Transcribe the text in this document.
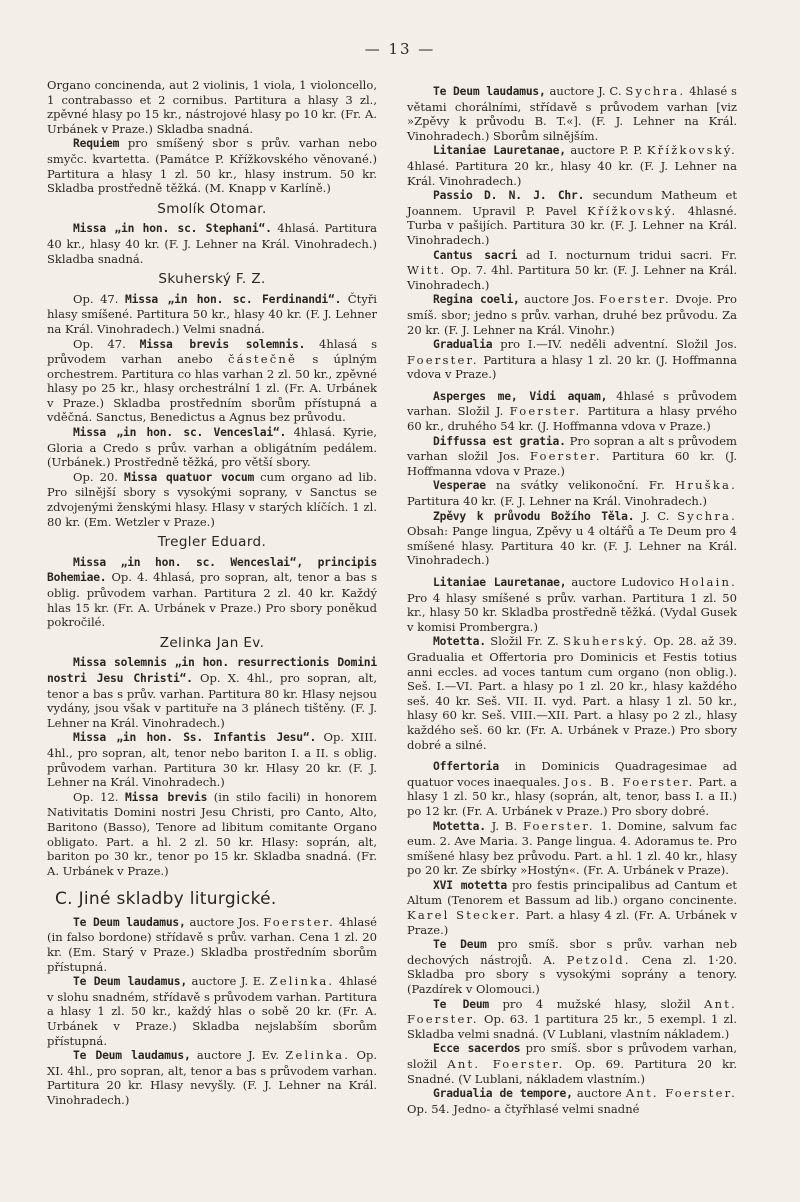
— 13 —

Organo concinenda, aut 2 violinis, 1 viola, 1 violoncello, 1 contrabasso et 2 cornibus. Partitura a hlasy 3 zl., zpěvné hlasy po 15 kr., nástrojové hlasy po 10 kr. (Fr. A. Urbánek v Praze.) Skladba snadná.

Requiem pro smíšený sbor s prův. varhan nebo smyčc. kvartetta. (Památce P. Křížkovského věnované.) Partitura a hlasy 1 zl. 50 kr., hlasy instrum. 50 kr. Skladba prostředně těžká. (M. Knapp v Karlíně.)

Smolík Otomar.

Missa „in hon. sc. Stephani“. 4hlasá. Partitura 40 kr., hlasy 40 kr. (F. J. Lehner na Král. Vinohradech.) Skladba snadná.

Skuherský F. Z.

Op. 47. Missa „in hon. sc. Ferdinandi“. Čtyři hlasy smíšené. Partitura 50 kr., hlasy 40 kr. (F. J. Lehner na Král. Vinohradech.) Velmi snadná.

Op. 47. Missa brevis solemnis. 4hlasá s průvodem varhan anebo částečně s úplným orchestrem. Partitura co hlas varhan 2 zl. 50 kr., zpěvné hlasy po 25 kr., hlasy orchestrální 1 zl. (Fr. A. Urbánek v Praze.) Skladba prostředním sborům přístupná a vděčná. Sanctus, Benedictus a Agnus bez průvodu.

Missa „in hon. sc. Venceslai“. 4hlasá. Kyrie, Gloria a Credo s prův. varhan a obligátním pedálem. (Urbánek.) Prostředně těžká, pro větší sbory.

Op. 20. Missa quatuor vocum cum organo ad lib. Pro silnější sbory s vysokými soprany, v Sanctus se zdvojenými ženskými hlasy. Hlasy v starých klíčích. 1 zl. 80 kr. (Em. Wetzler v Praze.)

Tregler Eduard.

Missa „in hon. sc. Wenceslai“, principis Bohemiae. Op. 4. 4hlasá, pro sopran, alt, tenor a bas s oblig. průvodem varhan. Partitura 2 zl. 40 kr. Každý hlas 15 kr. (Fr. A. Urbánek v Praze.) Pro sbory poněkud pokročilé.

Zelinka Jan Ev.

Missa solemnis „in hon. resurrectionis Domini nostri Jesu Christi“. Op. X. 4hl., pro sopran, alt, tenor a bas s prův. varhan. Partitura 80 kr. Hlasy nejsou vydány, jsou však v partituře na 3 plánech tištěny. (F. J. Lehner na Král. Vinohradech.)

Missa „in hon. Ss. Infantis Jesu“. Op. XIII. 4hl., pro sopran, alt, tenor nebo bariton I. a II. s oblig. průvodem varhan. Partitura 30 kr. Hlasy 20 kr. (F. J. Lehner na Král. Vinohradech.)

Op. 12. Missa brevis (in stilo facili) in honorem Nativitatis Domini nostri Jesu Christi, pro Canto, Alto, Baritono (Basso), Tenore ad libitum comitante Organo obligato. Part. a hl. 2 zl. 50 kr. Hlasy: soprán, alt, bariton po 30 kr., tenor po 15 kr. Skladba snadná. (Fr. A. Urbánek v Praze.)

C. Jiné skladby liturgické.

Te Deum laudamus, auctore Jos. Foerster. 4hlasé (in falso bordone) střídavě s prův. varhan. Cena 1 zl. 20 kr. (Em. Starý v Praze.) Skladba prostředním sborům přístupná.

Te Deum laudamus, auctore J. E. Zelinka. 4hlasé v slohu snadném, střídavě s průvodem varhan. Partitura a hlasy 1 zl. 50 kr., každý hlas o sobě 20 kr. (Fr. A. Urbánek v Praze.) Skladba nejslabším sborům přístupná.

Te Deum laudamus, auctore J. Ev. Zelinka. Op. XI. 4hl., pro sopran, alt, tenor a bas s průvodem varhan. Partitura 20 kr. Hlasy nevyšly. (F. J. Lehner na Král. Vinohradech.)

Te Deum laudamus, auctore J. C. Sychra. 4hlasé s větami chorálními, střídavě s průvodem varhan [viz »Zpěvy k průvodu B. T.«]. (F. J. Lehner na Král. Vinohradech.) Sborům silnějším.

Litaniae Lauretanae, auctore P. P. Křížkovský. 4hlasé. Partitura 20 kr., hlasy 40 kr. (F. J. Lehner na Král. Vinohradech.)

Passio D. N. J. Chr. secundum Matheum et Joannem. Upravil P. Pavel Křížkovský. 4hlasné. Turba v pašijích. Partitura 30 kr. (F. J. Lehner na Král. Vinohradech.)

Cantus sacri ad I. nocturnum tridui sacri. Fr. Witt. Op. 7. 4hl. Partitura 50 kr. (F. J. Lehner na Král. Vinohradech.)

Regina coeli, auctore Jos. Foerster. Dvoje. Pro smíš. sbor; jedno s prův. varhan, druhé bez průvodu. Za 20 kr. (F. J. Lehner na Král. Vinohr.)

Gradualia pro I.—IV. neděli adventní. Složil Jos. Foerster. Partitura a hlasy 1 zl. 20 kr. (J. Hoffmanna vdova v Praze.)

Asperges me, Vidi aquam, 4hlasé s průvodem varhan. Složil J. Foerster. Partitura a hlasy prvého 60 kr., druhého 54 kr. (J. Hoffmanna vdova v Praze.)

Diffussa est gratia. Pro sopran a alt s průvodem varhan složil Jos. Foerster. Partitura 60 kr. (J. Hoffmanna vdova v Praze.)

Vesperae na svátky velikonoční. Fr. Hruška. Partitura 40 kr. (F. J. Lehner na Král. Vinohradech.)

Zpěvy k průvodu Božího Těla. J. C. Sychra. Obsah: Pange lingua, Zpěvy u 4 oltářů a Te Deum pro 4 smíšené hlasy. Partitura 40 kr. (F. J. Lehner na Král. Vinohradech.)

Litaniae Lauretanae, auctore Ludovico Holain. Pro 4 hlasy smíšené s prův. varhan. Partitura 1 zl. 50 kr., hlasy 50 kr. Skladba prostředně těžká. (Vydal Gusek v komisi Prombergra.)

Motetta. Složil Fr. Z. Skuherský. Op. 28. až 39. Gradualia et Offertoria pro Dominicis et Festis totius anni eccles. ad voces tantum cum organo (non oblig.). Seš. I.—VI. Part. a hlasy po 1 zl. 20 kr., hlasy každého seš. 40 kr. Seš. VII. II. vyd. Part. a hlasy 1 zl. 50 kr., hlasy 60 kr. Seš. VIII.—XII. Part. a hlasy po 2 zl., hlasy každého seš. 60 kr. (Fr. A. Urbánek v Praze.) Pro sbory dobré a silné.

Offertoria in Dominicis Quadragesimae ad quatuor voces inaequales. Jos. B. Foerster. Part. a hlasy 1 zl. 50 kr., hlasy (soprán, alt, tenor, bass I. a II.) po 12 kr. (Fr. A. Urbánek v Praze.) Pro sbory dobré.

Motetta. J. B. Foerster. 1. Domine, salvum fac eum. 2. Ave Maria. 3. Pange lingua. 4. Adoramus te. Pro smíšené hlasy bez průvodu. Part. a hl. 1 zl. 40 kr., hlasy po 20 kr. Ze sbírky »Hostýn«. (Fr. A. Urbánek v Praze).

XVI motetta pro festis principalibus ad Cantum et Altum (Tenorem et Bassum ad lib.) organo concinente. Karel Stecker. Part. a hlasy 4 zl. (Fr. A. Urbánek v Praze.)

Te Deum pro smíš. sbor s prův. varhan neb dechových nástrojů. A. Petzold. Cena zl. 1·20. Skladba pro sbory s vysokými soprány a tenory. (Pazdírek v Olomouci.)

Te Deum pro 4 mužské hlasy, složil Ant. Foerster. Op. 63. 1 partitura 25 kr., 5 exempl. 1 zl. Skladba velmi snadná. (V Lublani, vlastním nákladem.)

Ecce sacerdos pro smíš. sbor s průvodem varhan, složil Ant. Foerster. Op. 69. Partitura 20 kr. Snadné. (V Lublani, nákladem vlastním.)

Gradualia de tempore, auctore Ant. Foerster. Op. 54. Jedno- a čtyřhlasé velmi snadné
